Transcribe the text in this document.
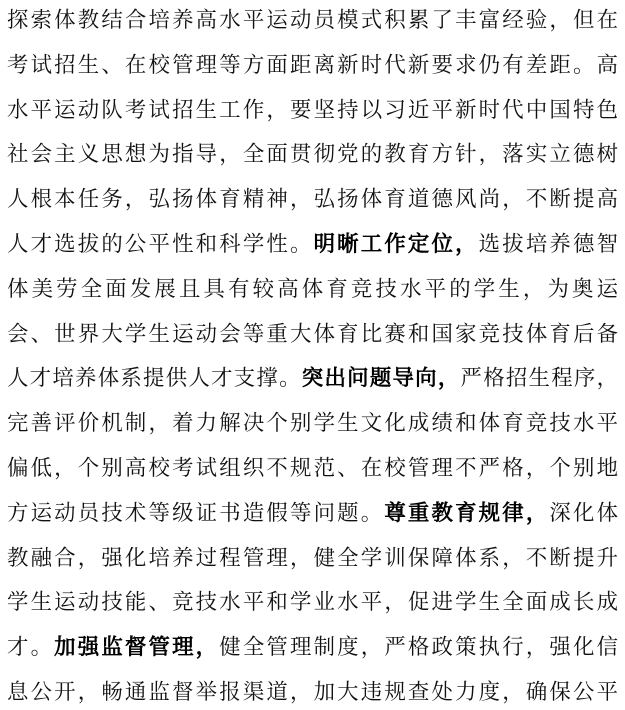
探索体教结合培养高水平运动员模式积累了丰富经验，但在
考试招生、在校管理等方面距离新时代新要求仍有差距。高
水平运动队考试招生工作，要坚持以习近平新时代中国特色
社会主义思想为指导，全面贯彻党的教育方针，落实立德树
人根本任务，弘扬体育精神，弘扬体育道德风尚，不断提高
人才选拔的公平性和科学性。明晰工作定位，选拔培养德智
体美劳全面发展且具有较高体育竞技水平的学生，为奥运
会、世界大学生运动会等重大体育比赛和国家竞技体育后备
人才培养体系提供人才支撑。突出问题导向，严格招生程序，
完善评价机制，着力解决个别学生文化成绩和体育竞技水平
偏低，个别高校考试组织不规范、在校管理不严格，个别地
方运动员技术等级证书造假等问题。尊重教育规律，深化体
教融合，强化培养过程管理，健全学训保障体系，不断提升
学生运动技能、竞技水平和学业水平，促进学生全面成长成
才。加强监督管理，健全管理制度，严格政策执行，强化信
息公开，畅通监督举报渠道，加大违规查处力度，确保公平
